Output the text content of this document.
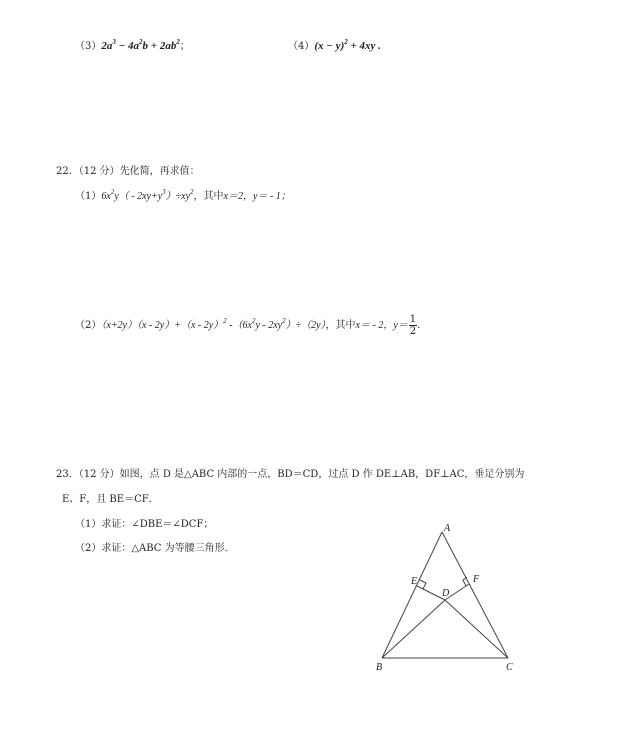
$(3)2a^3 - 4a^2b + 2ab^2$；	$(4)(x - y)^2 + 4xy$ .
22．（12 分）先化简，再求值：
$(1)6x^2y( - 2xy+y^3)\div xy^2$，其中x＝2，y＝ - 1；
（2）（x+2y）（x - 2y）+（x - 2y）$^2$ $-(6x^2y - 2xy^2)\div(2y)$，其中x＝ - 2，$y= \frac{1}{2}$ .
23．（12 分）如图，点 D 是△ABC 内部的一点，BD＝CD，过点 D 作 DE⊥AB，DF⊥AC，垂足分别为
E、F，且 BE＝CF．
（1）求证：∠DBE＝∠DCF；
（2）求证：△ABC 为等腰三角形．
A
B	C
D
E	F
